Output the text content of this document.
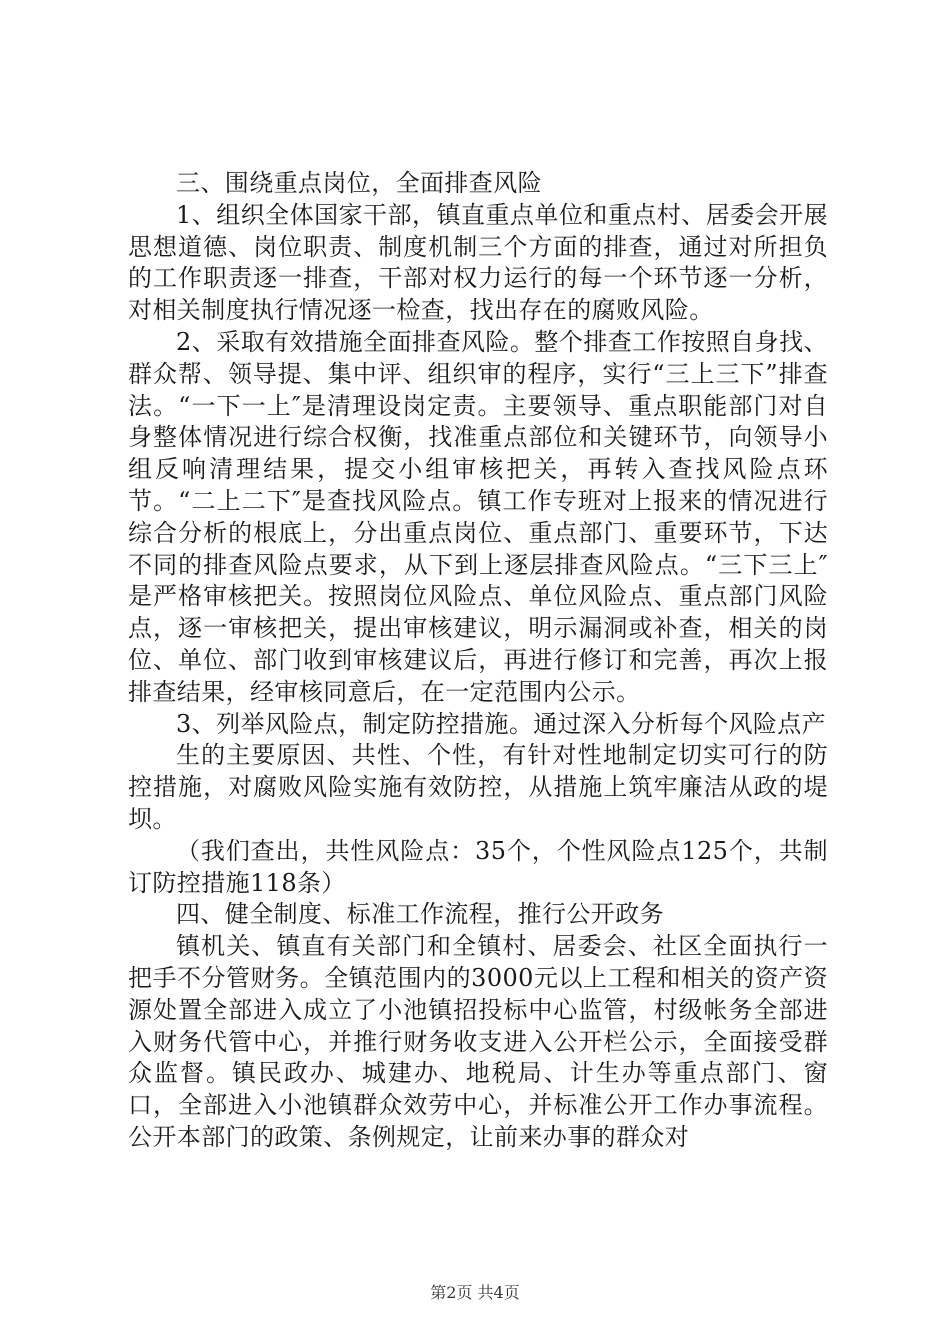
三、围绕重点岗位，全面排查风险

1、组织全体国家干部，镇直重点单位和重点村、居委会开展思想道德、岗位职责、制度机制三个方面的排查，通过对所担负的工作职责逐一排查，干部对权力运行的每一个环节逐一分析，对相关制度执行情况逐一检查，找出存在的腐败风险。

2、采取有效措施全面排查风险。整个排查工作按照自身找、群众帮、领导提、集中评、组织审的程序，实行“三上三下”排查法。“一下一上″是清理设岗定责。主要领导、重点职能部门对自身整体情况进行综合权衡，找准重点部位和关键环节，向领导小组反响清理结果，提交小组审核把关，再转入查找风险点环节。“二上二下″是查找风险点。镇工作专班对上报来的情况进行综合分析的根底上，分出重点岗位、重点部门、重要环节，下达不同的排查风险点要求，从下到上逐层排查风险点。“三下三上″是严格审核把关。按照岗位风险点、单位风险点、重点部门风险点，逐一审核把关，提出审核建议，明示漏洞或补查，相关的岗位、单位、部门收到审核建议后，再进行修订和完善，再次上报排查结果，经审核同意后，在一定范围内公示。

3、列举风险点，制定防控措施。通过深入分析每个风险点产

生的主要原因、共性、个性，有针对性地制定切实可行的防控措施，对腐败风险实施有效防控，从措施上筑牢廉洁从政的堤坝。

（我们查出，共性风险点：35个，个性风险点125个，共制订防控措施118条）

四、健全制度、标准工作流程，推行公开政务

镇机关、镇直有关部门和全镇村、居委会、社区全面执行一把手不分管财务。全镇范围内的3000元以上工程和相关的资产资源处置全部进入成立了小池镇招投标中心监管，村级帐务全部进入财务代管中心，并推行财务收支进入公开栏公示，全面接受群众监督。镇民政办、城建办、地税局、计生办等重点部门、窗口，全部进入小池镇群众效劳中心，并标准公开工作办事流程。公开本部门的政策、条例规定，让前来办事的群众对

第2页 共4页
